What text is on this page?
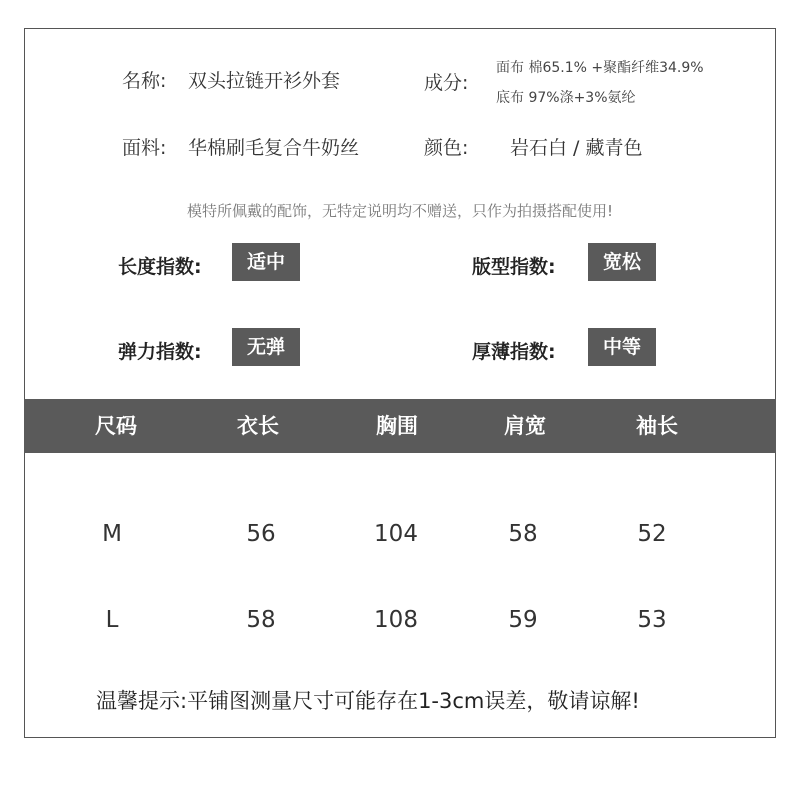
名称: 双头拉链开衫外套	成分:
面布 棉65.1% +聚酯纤维34.9%
底布 97%涤+3%氨纶
面料: 华棉刷毛复合牛奶丝	颜色: 岩石白 / 藏青色
模特所佩戴的配饰，无特定说明均不赠送，只作为拍摄搭配使用!
长度指数:	适中	版型指数:	宽松
弹力指数:	无弹	厚薄指数:	中等
尺码	衣长	胸围	肩宽	袖长
M	56	104	58	52
L	58	108	59	53
温馨提示:平铺图测量尺寸可能存在1-3cm误差，敬请谅解!
